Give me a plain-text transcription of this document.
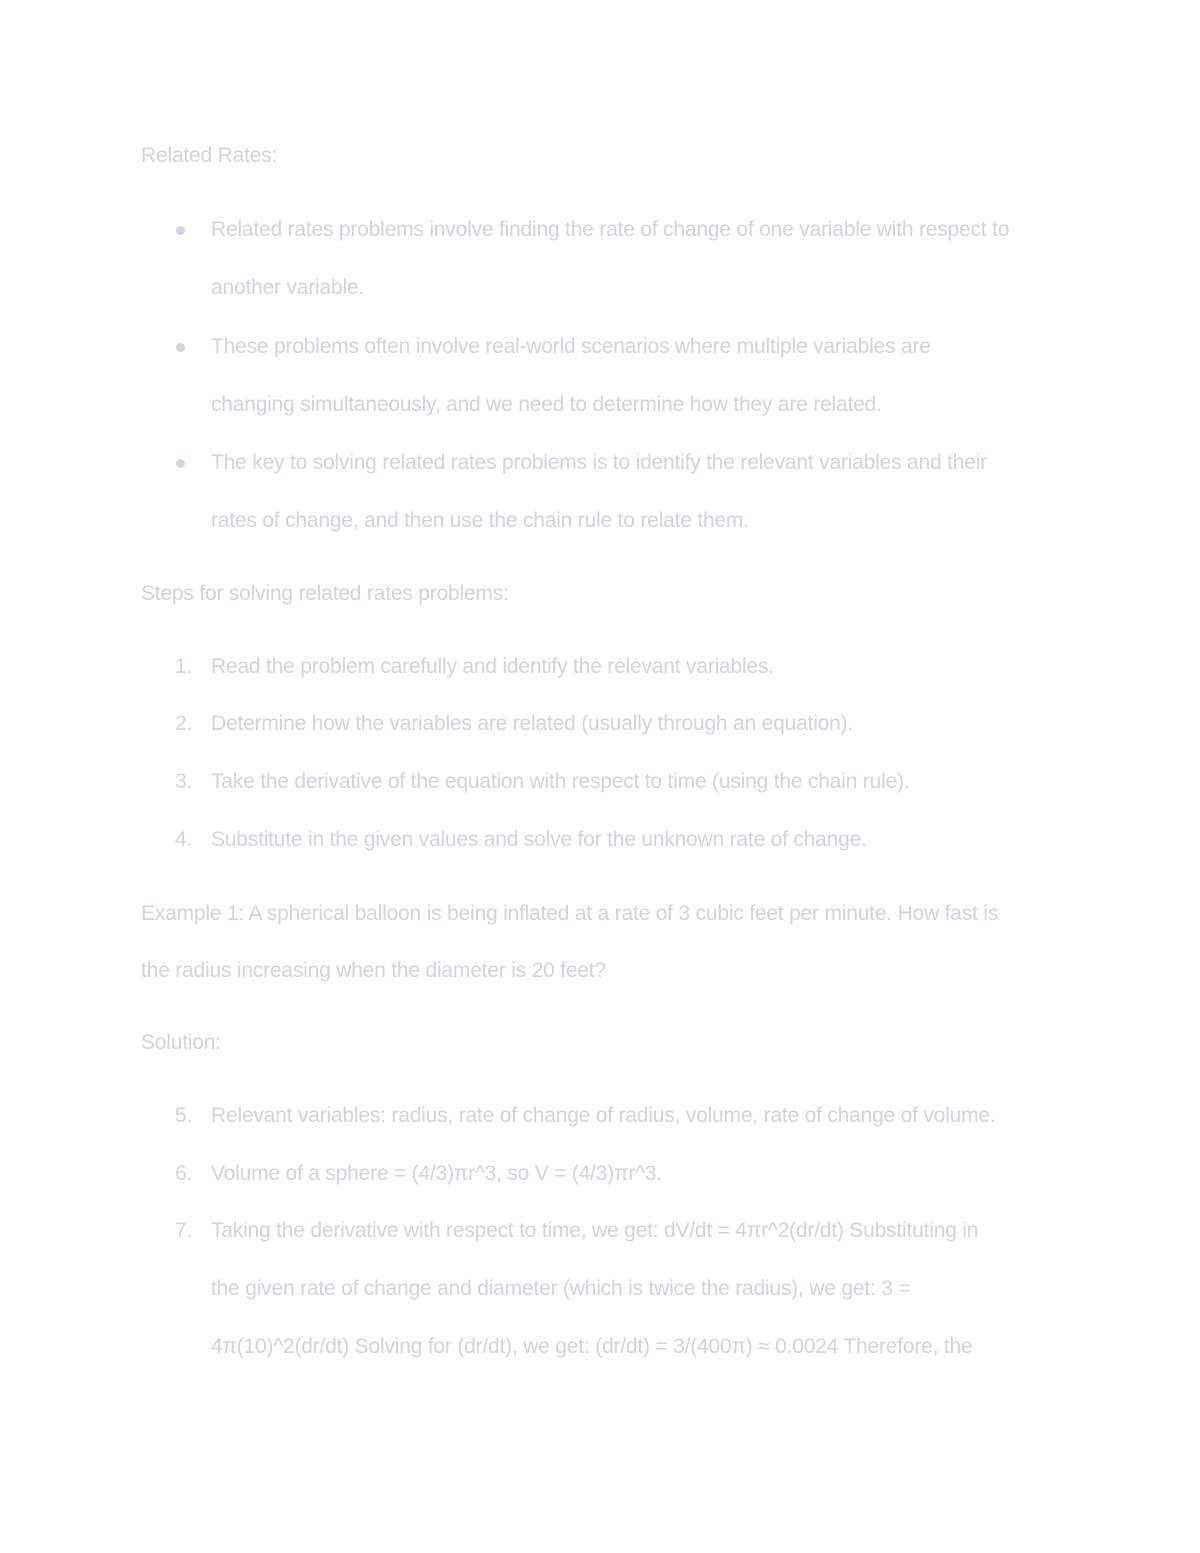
Related Rates:
Related rates problems involve finding the rate of change of one variable with respect to
another variable.
These problems often involve real-world scenarios where multiple variables are
changing simultaneously, and we need to determine how they are related.
The key to solving related rates problems is to identify the relevant variables and their
rates of change, and then use the chain rule to relate them.
Steps for solving related rates problems:
1. Read the problem carefully and identify the relevant variables.
2. Determine how the variables are related (usually through an equation).
3. Take the derivative of the equation with respect to time (using the chain rule).
4. Substitute in the given values and solve for the unknown rate of change.
Example 1: A spherical balloon is being inflated at a rate of 3 cubic feet per minute. How fast is
the radius increasing when the diameter is 20 feet?
Solution:
5. Relevant variables: radius, rate of change of radius, volume, rate of change of volume.
6. Volume of a sphere = (4/3)πr^3, so V = (4/3)πr^3.
7. Taking the derivative with respect to time, we get: dV/dt = 4πr^2(dr/dt) Substituting in
the given rate of change and diameter (which is twice the radius), we get: 3 =
4π(10)^2(dr/dt) Solving for (dr/dt), we get: (dr/dt) = 3/(400π) ≈ 0.0024 Therefore, the
